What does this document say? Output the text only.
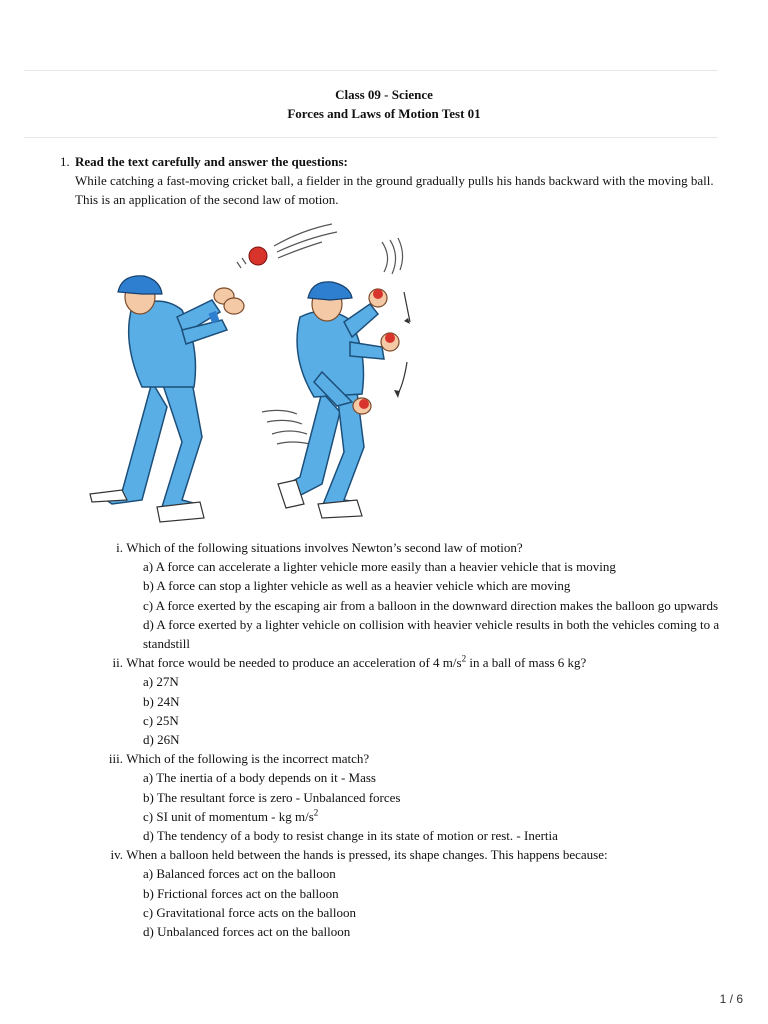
Class 09 - Science
Forces and Laws of Motion Test 01
1. Read the text carefully and answer the questions:
While catching a fast-moving cricket ball, a fielder in the ground gradually pulls his hands backward with the moving ball. This is an application of the second law of motion.
i.
Which of the following situations involves Newton’s second law of motion?
a) A force can accelerate a lighter vehicle more easily than a heavier vehicle that is moving
b) A force can stop a lighter vehicle as well as a heavier vehicle which are moving
c) A force exerted by the escaping air from a balloon in the downward direction makes the balloon go upwards
d) A force exerted by a lighter vehicle on collision with heavier vehicle results in both the vehicles coming to a standstill
ii.
What force would be needed to produce an acceleration of 4 $m/s^2$ in a ball of mass 6 kg?
a) 27N
b) 24N
c) 25N
d) 26N
iii.
Which of the following is the incorrect match?
a) The inertia of a body depends on it - Mass
b) The resultant force is zero - Unbalanced forces
c) SI unit of momentum - kg $m/s^2$
d) The tendency of a body to resist change in its state of motion or rest. - Inertia
iv.
When a balloon held between the hands is pressed, its shape changes. This happens because:
a) Balanced forces act on the balloon
b) Frictional forces act on the balloon
c) Gravitational force acts on the balloon
d) Unbalanced forces act on the balloon
1 / 6
